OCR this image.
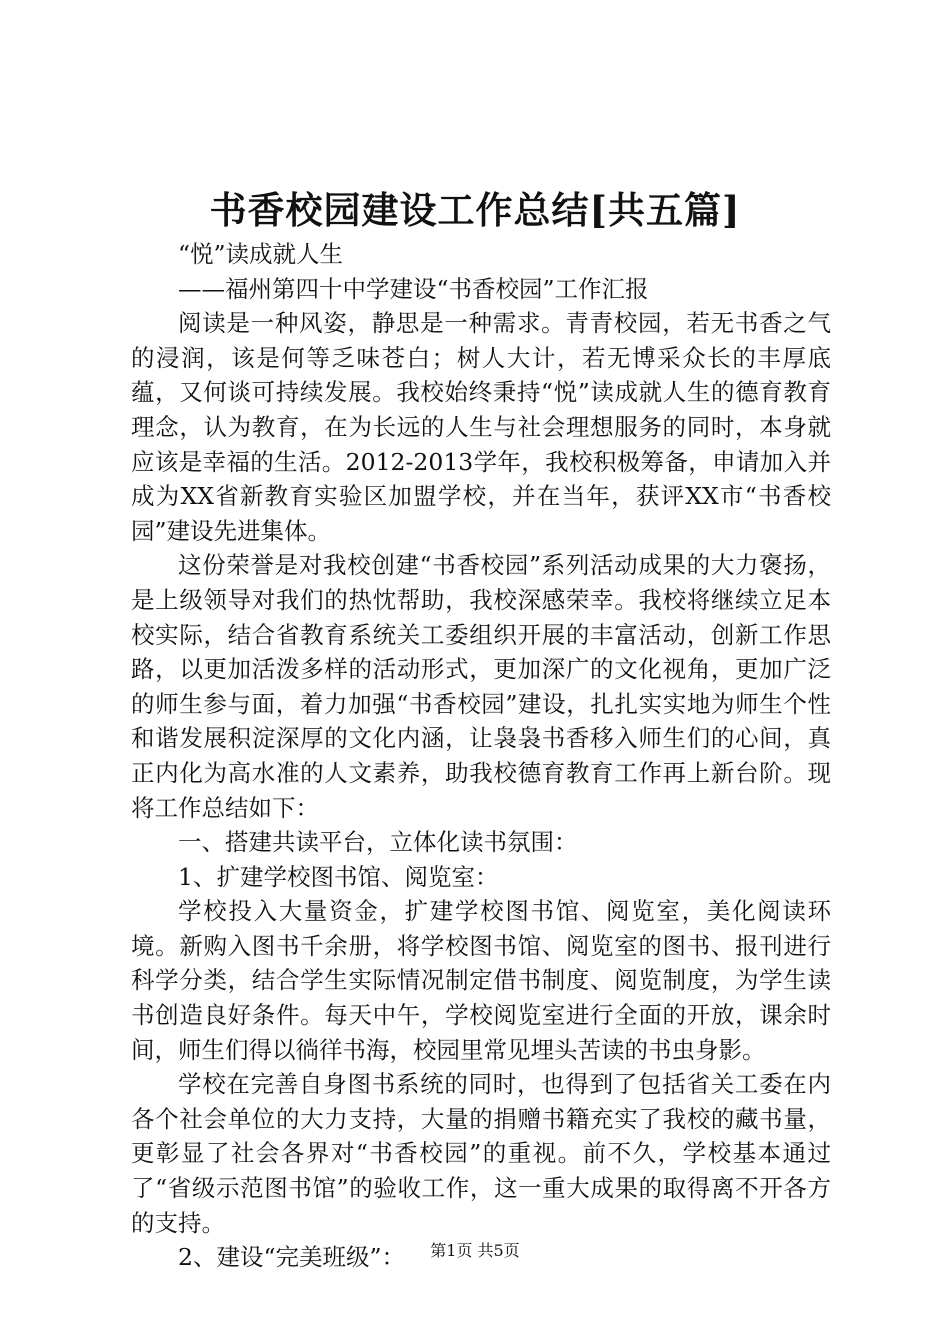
书香校园建设工作总结[共五篇]

“悦”读成就人生

——福州第四十中学建设“书香校园”工作汇报

阅读是一种风姿，静思是一种需求。青青校园，若无书香之气的浸润，该是何等乏味苍白；树人大计，若无博采众长的丰厚底蕴，又何谈可持续发展。我校始终秉持“悦”读成就人生的德育教育理念，认为教育，在为长远的人生与社会理想服务的同时，本身就应该是幸福的生活。2012-2013学年，我校积极筹备，申请加入并成为XX省新教育实验区加盟学校，并在当年，获评XX市“书香校园”建设先进集体。

这份荣誉是对我校创建“书香校园”系列活动成果的大力褒扬，是上级领导对我们的热忱帮助，我校深感荣幸。我校将继续立足本校实际，结合省教育系统关工委组织开展的丰富活动，创新工作思路，以更加活泼多样的活动形式，更加深广的文化视角，更加广泛的师生参与面，着力加强“书香校园”建设，扎扎实实地为师生个性和谐发展积淀深厚的文化内涵，让袅袅书香移入师生们的心间，真正内化为高水准的人文素养，助我校德育教育工作再上新台阶。现将工作总结如下：

一、搭建共读平台，立体化读书氛围：

1、扩建学校图书馆、阅览室：

学校投入大量资金，扩建学校图书馆、阅览室，美化阅读环境。新购入图书千余册，将学校图书馆、阅览室的图书、报刊进行科学分类，结合学生实际情况制定借书制度、阅览制度，为学生读书创造良好条件。每天中午，学校阅览室进行全面的开放，课余时间，师生们得以徜徉书海，校园里常见埋头苦读的书虫身影。

学校在完善自身图书系统的同时，也得到了包括省关工委在内各个社会单位的大力支持，大量的捐赠书籍充实了我校的藏书量，更彰显了社会各界对“书香校园”的重视。前不久，学校基本通过了“省级示范图书馆”的验收工作，这一重大成果的取得离不开各方的支持。

2、建设“完美班级”：	第1页 共5页
